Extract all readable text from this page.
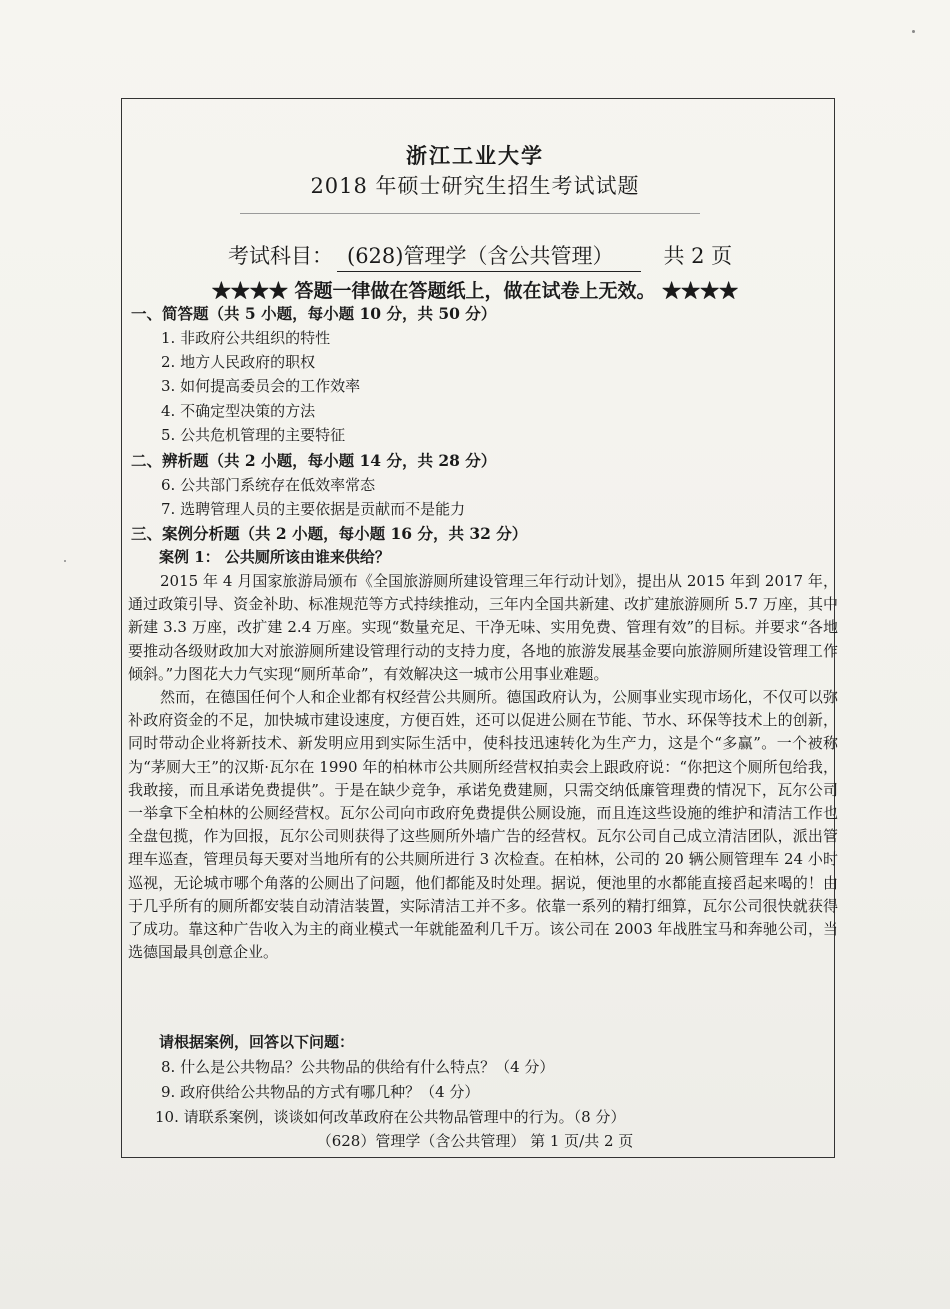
浙江工业大学
2018 年硕士研究生招生考试试题
考试科目： (628)管理学（含公共管理） 共 2 页
★★★★ 答题一律做在答题纸上，做在试卷上无效。 ★★★★
一、简答题（共 5 小题，每小题 10 分，共 50 分）
1. 非政府公共组织的特性
2. 地方人民政府的职权
3. 如何提高委员会的工作效率
4. 不确定型决策的方法
5. 公共危机管理的主要特征
二、辨析题（共 2 小题，每小题 14 分，共 28 分）
6. 公共部门系统存在低效率常态
7. 选聘管理人员的主要依据是贡献而不是能力
三、案例分析题（共 2 小题，每小题 16 分，共 32 分）
案例 1： 公共厕所该由谁来供给？

2015 年 4 月国家旅游局颁布《全国旅游厕所建设管理三年行动计划》，提出从 2015 年到 2017 年，通过政策引导、资金补助、标准规范等方式持续推动，三年内全国共新建、改扩建旅游厕所 5.7 万座，其中新建 3.3 万座，改扩建 2.4 万座。实现“数量充足、干净无味、实用免费、管理有效”的目标。并要求“各地要推动各级财政加大对旅游厕所建设管理行动的支持力度，各地的旅游发展基金要向旅游厕所建设管理工作倾斜。”力图花大力气实现“厕所革命”，有效解决这一城市公用事业难题。

然而，在德国任何个人和企业都有权经营公共厕所。德国政府认为，公厕事业实现市场化，不仅可以弥补政府资金的不足，加快城市建设速度，方便百姓，还可以促进公厕在节能、节水、环保等技术上的创新，同时带动企业将新技术、新发明应用到实际生活中，使科技迅速转化为生产力，这是个“多赢”。一个被称为“茅厕大王”的汉斯·瓦尔在 1990 年的柏林市公共厕所经营权拍卖会上跟政府说：“你把这个厕所包给我，我敢接，而且承诺免费提供”。于是在缺少竞争，承诺免费建厕，只需交纳低廉管理费的情况下，瓦尔公司一举拿下全柏林的公厕经营权。瓦尔公司向市政府免费提供公厕设施，而且连这些设施的维护和清洁工作也全盘包揽，作为回报，瓦尔公司则获得了这些厕所外墙广告的经营权。瓦尔公司自己成立清洁团队，派出管理车巡查，管理员每天要对当地所有的公共厕所进行 3 次检查。在柏林，公司的 20 辆公厕管理车 24 小时巡视，无论城市哪个角落的公厕出了问题，他们都能及时处理。据说，便池里的水都能直接舀起来喝的！由于几乎所有的厕所都安装自动清洁装置，实际清洁工并不多。依靠一系列的精打细算，瓦尔公司很快就获得了成功。靠这种广告收入为主的商业模式一年就能盈利几千万。该公司在 2003 年战胜宝马和奔驰公司，当选德国最具创意企业。

请根据案例，回答以下问题：
8. 什么是公共物品？公共物品的供给有什么特点？（4 分）
9. 政府供给公共物品的方式有哪几种？（4 分）
10. 请联系案例，谈谈如何改革政府在公共物品管理中的行为。（8 分）
（628）管理学（含公共管理） 第 1 页/共 2 页
